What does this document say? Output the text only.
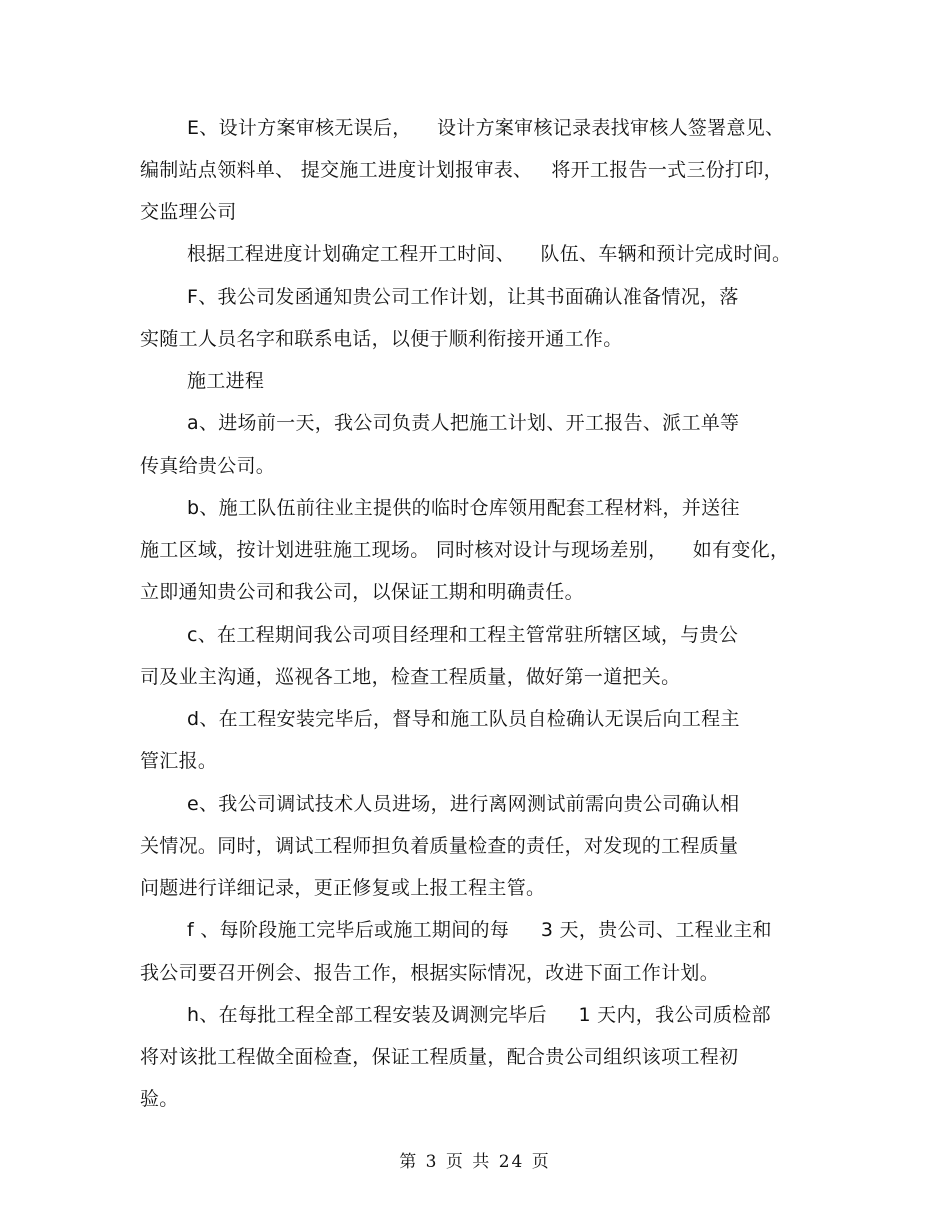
E、设计方案审核无误后，    设计方案审核记录表找审核人签署意见、
编制站点领料单、 提交施工进度计划报审表、   将开工报告一式三份打印，
交监理公司
根据工程进度计划确定工程开工时间、    队伍、车辆和预计完成时间。
F、我公司发函通知贵公司工作计划，让其书面确认准备情况，落
实随工人员名字和联系电话，以便于顺利衔接开通工作。
施工进程
a、进场前一天，我公司负责人把施工计划、开工报告、派工单等
传真给贵公司。
b、施工队伍前往业主提供的临时仓库领用配套工程材料，并送往
施工区域，按计划进驻施工现场。 同时核对设计与现场差别，    如有变化，
立即通知贵公司和我公司，以保证工期和明确责任。
c、在工程期间我公司项目经理和工程主管常驻所辖区域，与贵公
司及业主沟通，巡视各工地，检查工程质量，做好第一道把关。
d、在工程安装完毕后，督导和施工队员自检确认无误后向工程主
管汇报。
e、我公司调试技术人员进场，进行离网测试前需向贵公司确认相
关情况。同时，调试工程师担负着质量检查的责任，对发现的工程质量
问题进行详细记录，更正修复或上报工程主管。
f 、每阶段施工完毕后或施工期间的每     3 天，贵公司、工程业主和
我公司要召开例会、报告工作，根据实际情况，改进下面工作计划。
h、在每批工程全部工程安装及调测完毕后     1 天内，我公司质检部
将对该批工程做全面检查，保证工程质量，配合贵公司组织该项工程初
验。
第 3 页 共 24 页
